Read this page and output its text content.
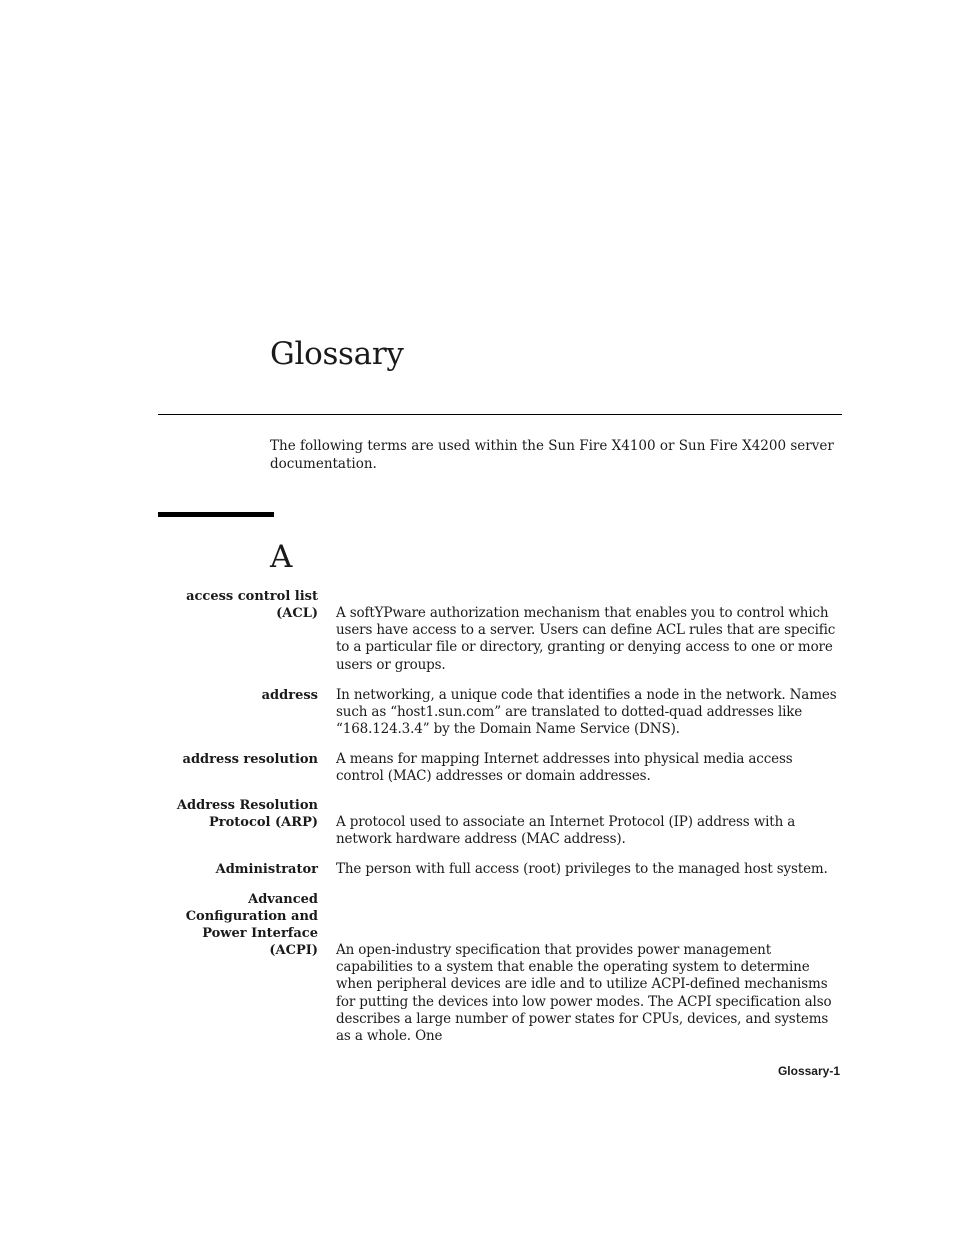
Glossary

The following terms are used within the Sun Fire X4100 or Sun Fire X4200 server documentation.

A
access control list
(ACL) A softYPware authorization mechanism that enables you to control which users have access to a server. Users can define ACL rules that are specific to a particular file or directory, granting or denying access to one or more users or groups.
address In networking, a unique code that identifies a node in the network. Names such as “host1.sun.com” are translated to dotted-quad addresses like “168.124.3.4” by the Domain Name Service (DNS).
address resolution A means for mapping Internet addresses into physical media access control (MAC) addresses or domain addresses.
Address Resolution
Protocol (ARP) A protocol used to associate an Internet Protocol (IP) address with a network hardware address (MAC address).
Administrator The person with full access (root) privileges to the managed host system.
Advanced
Configuration and
Power Interface
(ACPI) An open-industry specification that provides power management capabilities to a system that enable the operating system to determine when peripheral devices are idle and to utilize ACPI-defined mechanisms for putting the devices into low power modes. The ACPI specification also describes a large number of power states for CPUs, devices, and systems as a whole. One
Glossary-1
